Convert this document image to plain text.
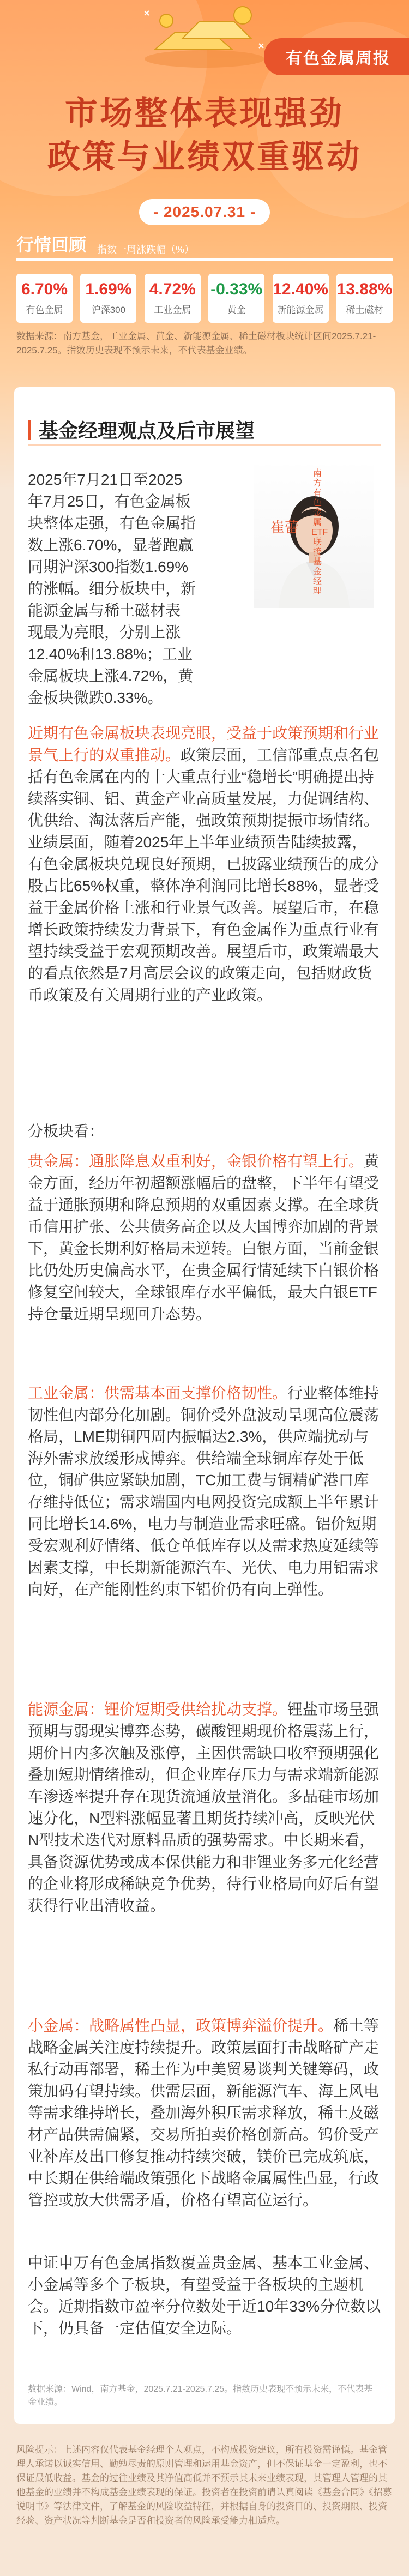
有色金属周报
市场整体表现强劲
政策与业绩双重驱动
- 2025.07.31 -
行情回顾 指数一周涨跌幅（%）
6.70%
有色金属
1.69%
沪深300
4.72%
工业金属
-0.33%
黄金
12.40%
新能源金属
13.88%
稀土磁材
数据来源：南方基金，工业金属、黄金、新能源金属、稀土磁材板块统计区间2025.7.21-2025.7.25。指数历史表现不预示未来，不代表基金业绩。
基金经理观点及后市展望
崔蕾
南方有色金属ETF联接基金经理
2025年7月21日至2025
年7月25日，有色金属板
块整体走强，有色金属指
数上涨6.70%，显著跑赢
同期沪深300指数1.69%
的涨幅。细分板块中，新
能源金属与稀土磁材表
现最为亮眼，分别上涨
12.40%和13.88%；工业
金属板块上涨4.72%，黄
金板块微跌0.33%。

近期有色金属板块表现亮眼，受益于政策预期和行业景气上行的双重推动。政策层面，工信部重点点名包括有色金属在内的十大重点行业“稳增长”明确提出持续落实铜、铝、黄金产业高质量发展，力促调结构、优供给、淘汰落后产能，强政策预期提振市场情绪。业绩层面，随着2025年上半年业绩预告陆续披露，有色金属板块兑现良好预期，已披露业绩预告的成分股占比65%权重，整体净利润同比增长88%，显著受益于金属价格上涨和行业景气改善。展望后市，在稳增长政策持续发力背景下，有色金属作为重点行业有望持续受益于宏观预期改善。展望后市，政策端最大的看点依然是7月高层会议的政策走向，包括财政货币政策及有关周期行业的产业政策。

分板块看：

贵金属：通胀降息双重利好，金银价格有望上行。黄金方面，经历年初超额涨幅后的盘整，下半年有望受益于通胀预期和降息预期的双重因素支撑。在全球货币信用扩张、公共债务高企以及大国博弈加剧的背景下，黄金长期利好格局未逆转。白银方面，当前金银比仍处历史偏高水平，在贵金属行情延续下白银价格修复空间较大，全球银库存水平偏低，最大白银ETF持仓量近期呈现回升态势。

工业金属：供需基本面支撑价格韧性。行业整体维持韧性但内部分化加剧。铜价受外盘波动呈现高位震荡格局，LME期铜四周内振幅达2.3%，供应端扰动与海外需求放缓形成博弈。供给端全球铜库存处于低位，铜矿供应紧缺加剧，TC加工费与铜精矿港口库存维持低位；需求端国内电网投资完成额上半年累计同比增长14.6%，电力与制造业需求旺盛。铝价短期受宏观利好情绪、低仓单低库存以及需求热度延续等因素支撑，中长期新能源汽车、光伏、电力用铝需求向好，在产能刚性约束下铝价仍有向上弹性。

能源金属：锂价短期受供给扰动支撑。锂盐市场呈强预期与弱现实博弈态势，碳酸锂期现价格震荡上行，期价日内多次触及涨停，主因供需缺口收窄预期强化叠加短期情绪推动，但企业库存压力与需求端新能源车渗透率提升存在现货流通放量消化。多晶硅市场加速分化，N型料涨幅显著且期货持续冲高，反映光伏N型技术迭代对原料品质的强势需求。中长期来看，具备资源优势或成本保供能力和非锂业务多元化经营的企业将形成稀缺竞争优势，待行业格局向好后有望获得行业出清收益。

小金属：战略属性凸显，政策博弈溢价提升。稀土等战略金属关注度持续提升。政策层面打击战略矿产走私行动再部署，稀土作为中美贸易谈判关键筹码，政策加码有望持续。供需层面，新能源汽车、海上风电等需求维持增长，叠加海外积压需求释放，稀土及磁材产品供需偏紧，交易所拍卖价格创新高。钨价受产业补库及出口修复推动持续突破，镁价已完成筑底，中长期在供给端政策强化下战略金属属性凸显，行政管控或放大供需矛盾，价格有望高位运行。

中证申万有色金属指数覆盖贵金属、基本工业金属、小金属等多个子板块，有望受益于各板块的主题机会。近期指数市盈率分位数处于近10年33%分位数以下，仍具备一定估值安全边际。

数据来源：Wind，南方基金，2025.7.21-2025.7.25。指数历史表现不预示未来，不代表基金业绩。

风险提示：上述内容仅代表基金经理个人观点，不构成投资建议，所有投资需谨慎。基金管理人承诺以诚实信用、勤勉尽责的原则管理和运用基金资产，但不保证基金一定盈利，也不保证最低收益。基金的过往业绩及其净值高低并不预示其未来业绩表现，其管理人管理的其他基金的业绩并不构成基金业绩表现的保证。投资者在投资前请认真阅读《基金合同》《招募说明书》等法律文件，了解基金的风险收益特征，并根据自身的投资目的、投资期限、投资经验、资产状况等判断基金是否和投资者的风险承受能力相适应。
